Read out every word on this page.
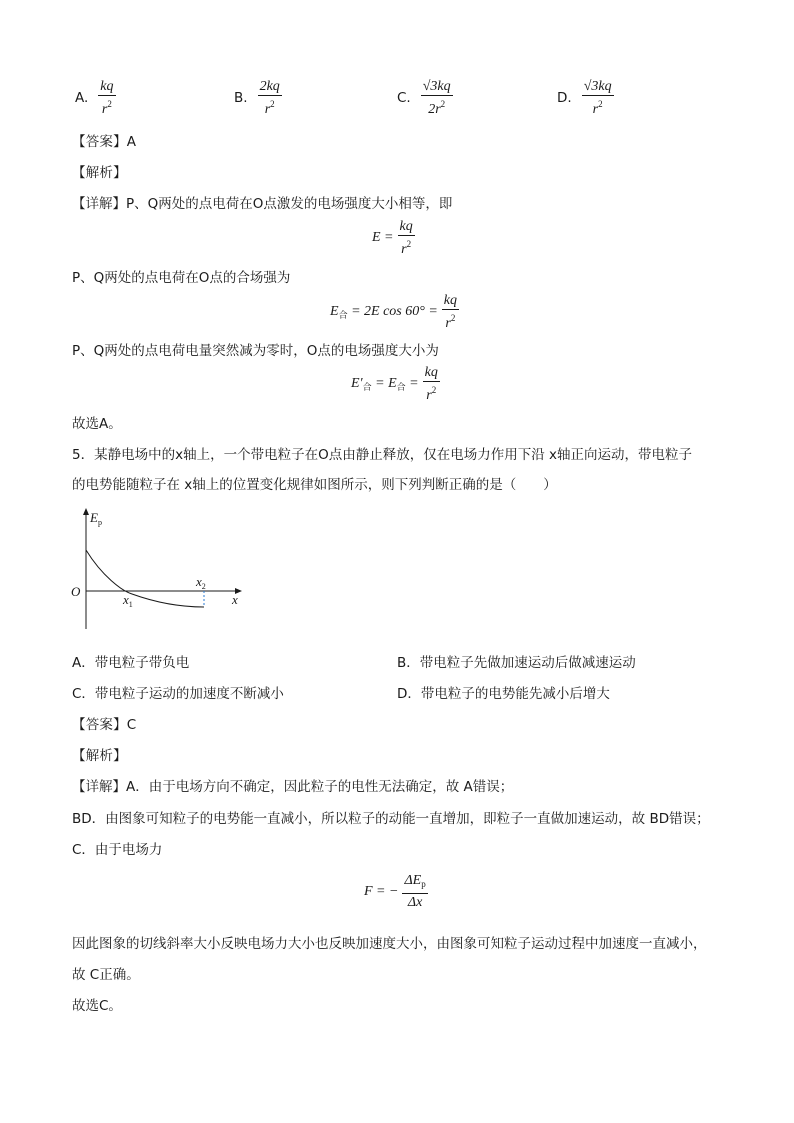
A. $\frac{kq}{r^2}$	B. $\frac{2kq}{r^2}$	C. $\frac{√3kq}{2r^2}$	D. $\frac{√3kq}{r^2}$
【答案】A
【解析】
【详解】P、Q两处的点电荷在O点激发的电场强度大小相等，即
$E = \frac{kq}{r^2}$
P、Q两处的点电荷在O点的合场强为
$E_合 = 2E$ $\cos 60^\circ = \frac{kq}{r^2}$
P、Q两处的点电荷电量突然减为零时，O点的电场强度大小为
$E'_合 = E_合 = \frac{kq}{r^2}$
故选A。
5．某静电场中的x轴上，一个带电粒子在O点由静止释放，仅在电场力作用下沿 x轴正向运动，带电粒子
的电势能随粒子在 x轴上的位置变化规律如图所示，则下列判断正确的是（　　）
$E_p$
O
x
$x_1$
$x_2$
A．带电粒子带负电	B．带电粒子先做加速运动后做减速运动
C．带电粒子运动的加速度不断减小	D．带电粒子的电势能先减小后增大
【答案】C
【解析】
【详解】A．由于电场方向不确定，因此粒子的电性无法确定，故 A错误；
BD．由图象可知粒子的电势能一直减小，所以粒子的动能一直增加，即粒子一直做加速运动，故 BD错误；
C．由于电场力
F = − $\frac{\Delta E_p}{\Delta x}$
因此图象的切线斜率大小反映电场力大小也反映加速度大小，由图象可知粒子运动过程中加速度一直减小，
故 C正确。
故选C。
